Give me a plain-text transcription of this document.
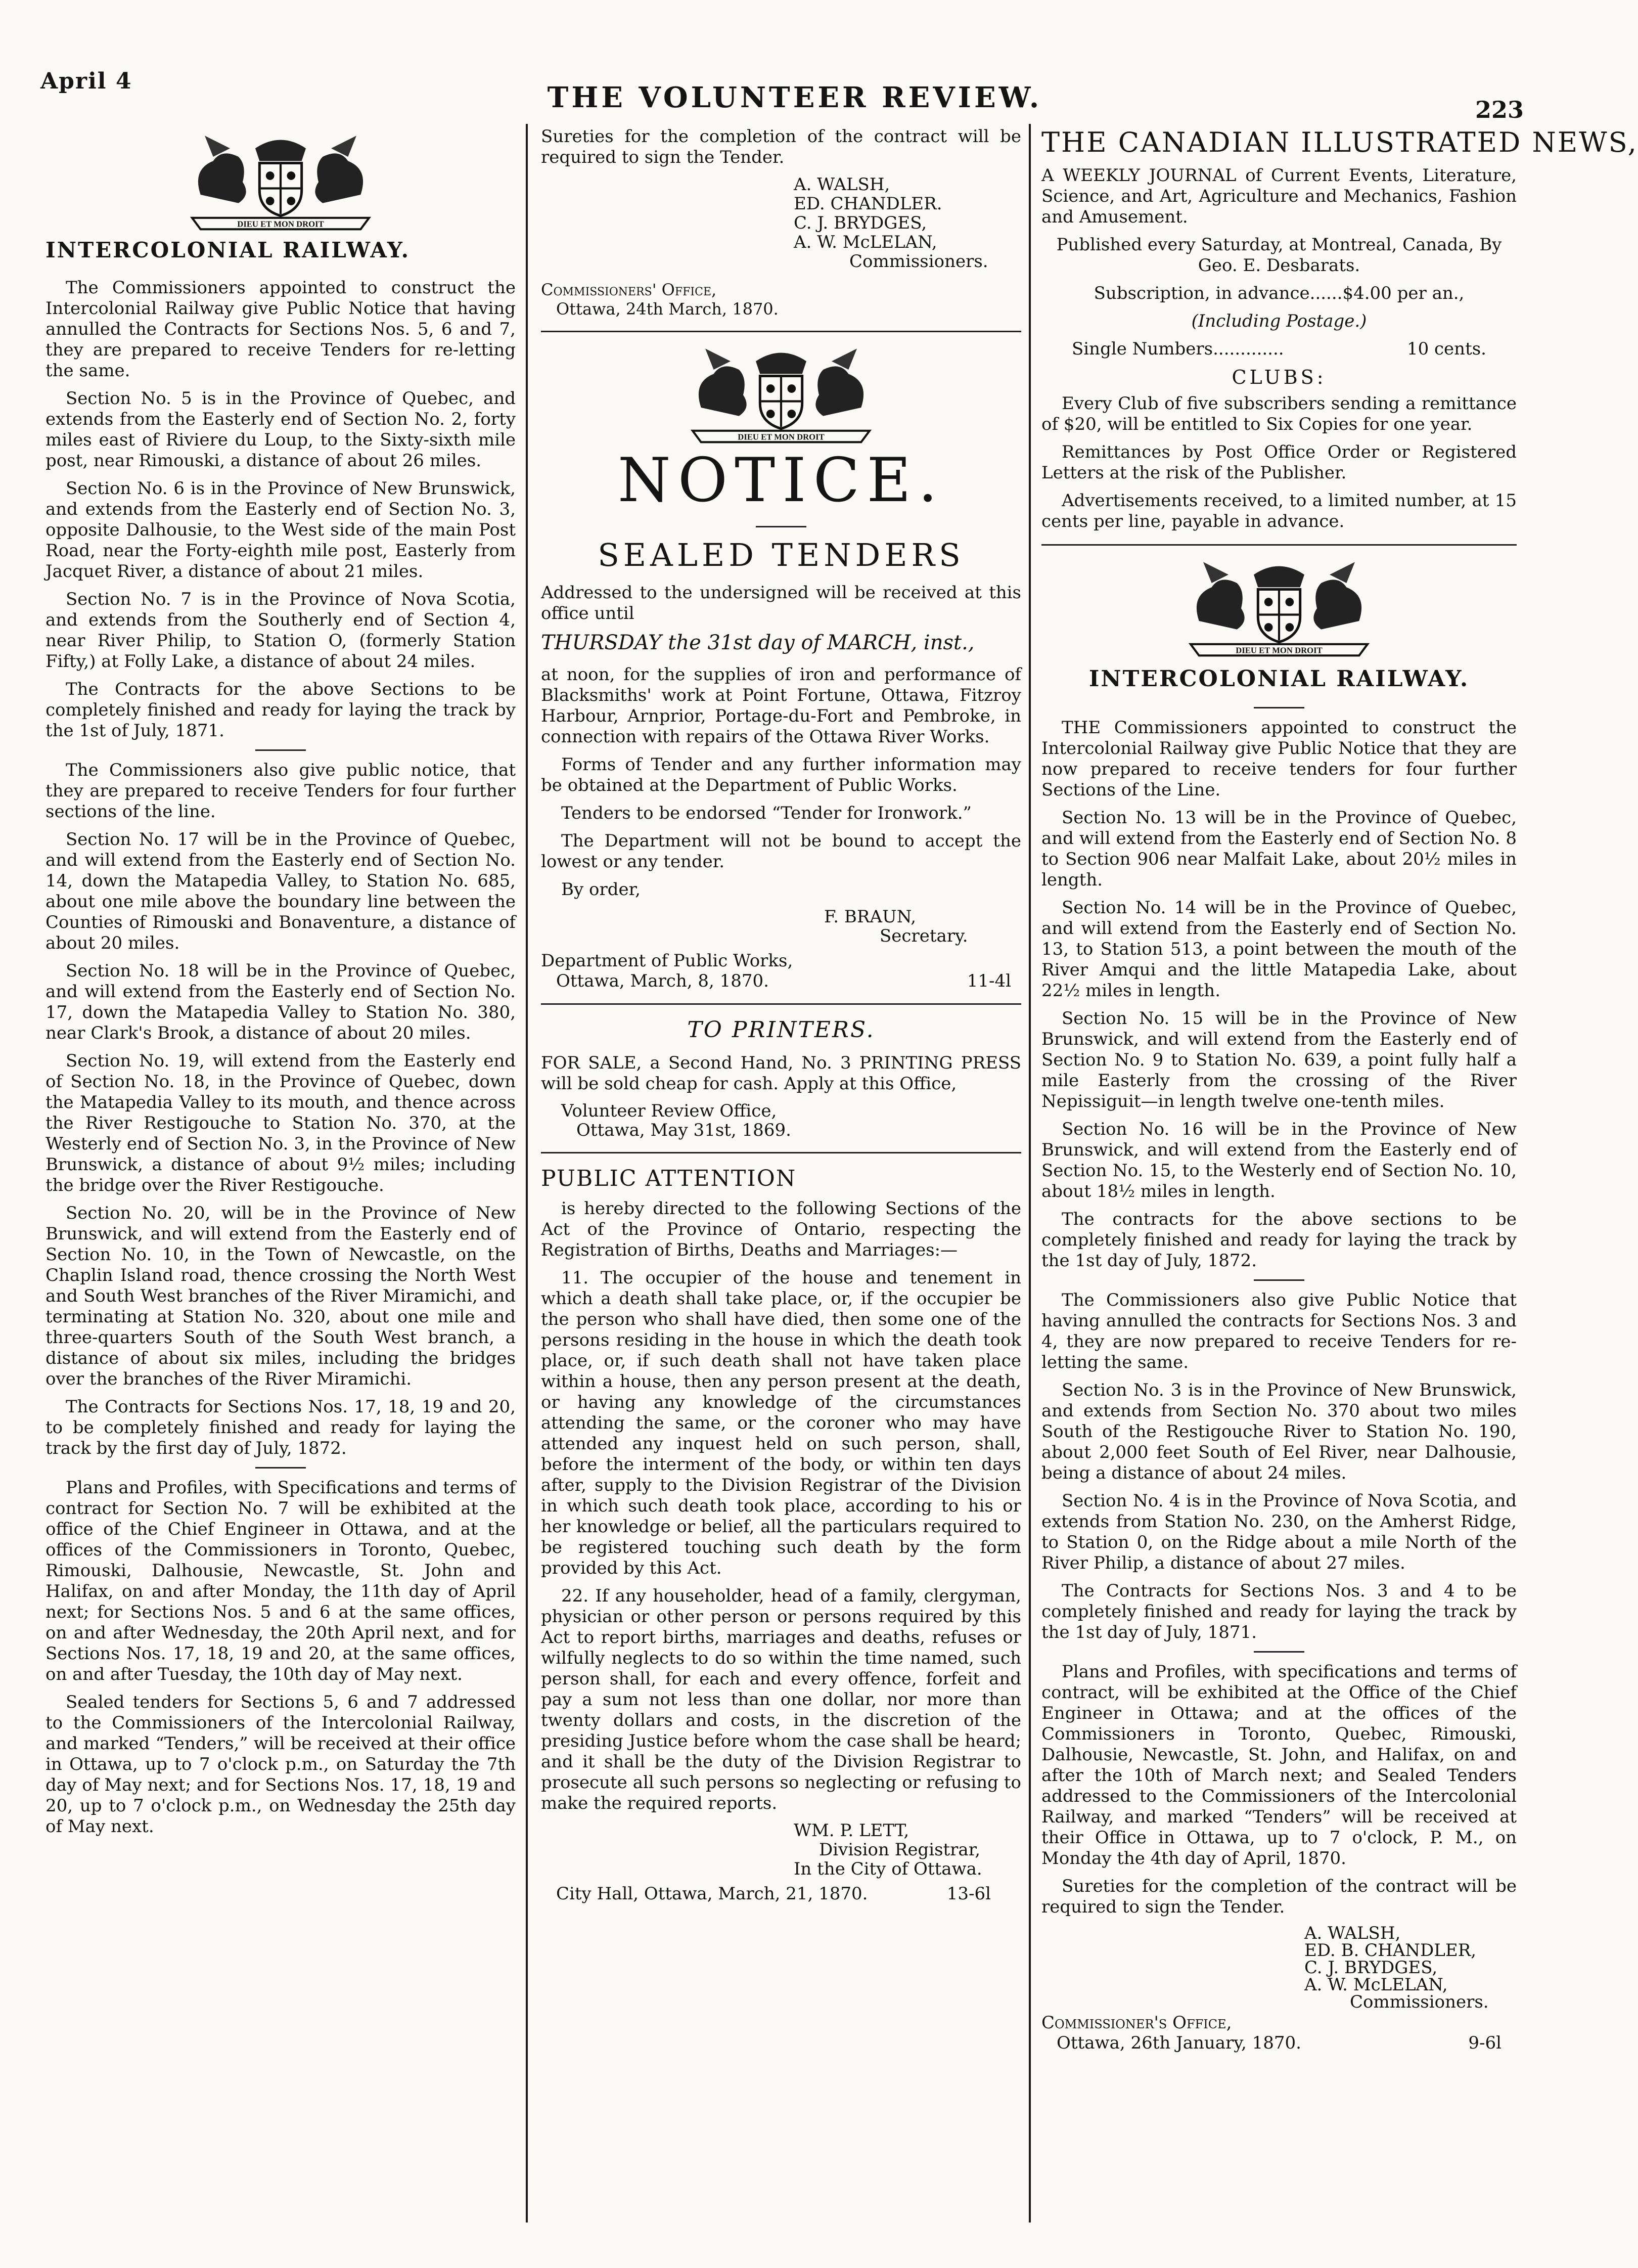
April 4	THE VOLUNTEER REVIEW.	223
INTERCOLONIAL RAILWAY.

The Commissioners appointed to construct the Intercolonial Railway give Public Notice that having annulled the Contracts for Sections Nos. 5, 6 and 7, they are prepared to receive Tenders for re-letting the same.

Section No. 5 is in the Province of Quebec, and extends from the Easterly end of Section No. 2, forty miles east of Riviere du Loup, to the Sixty-sixth mile post, near Rimouski, a distance of about 26 miles.

Section No. 6 is in the Province of New Brunswick, and extends from the Easterly end of Section No. 3, opposite Dalhousie, to the West side of the main Post Road, near the Forty-eighth mile post, Easterly from Jacquet River, a distance of about 21 miles.

Section No. 7 is in the Province of Nova Scotia, and extends from the Southerly end of Section 4, near River Philip, to Station O, (formerly Station Fifty,) at Folly Lake, a distance of about 24 miles.

The Contracts for the above Sections to be completely finished and ready for laying the track by the 1st of July, 1871.

The Commissioners also give public notice, that they are prepared to receive Tenders for four further sections of the line.

Section No. 17 will be in the Province of Quebec, and will extend from the Easterly end of Section No. 14, down the Matapedia Valley, to Station No. 685, about one mile above the boundary line between the Counties of Rimouski and Bonaventure, a distance of about 20 miles.

Section No. 18 will be in the Province of Quebec, and will extend from the Easterly end of Section No. 17, down the Matapedia Valley to Station No. 380, near Clark's Brook, a distance of about 20 miles.

Section No. 19, will extend from the Easterly end of Section No. 18, in the Province of Quebec, down the Matapedia Valley to its mouth, and thence across the River Restigouche to Station No. 370, at the Westerly end of Section No. 3, in the Province of New Brunswick, a distance of about 9½ miles; including the bridge over the River Restigouche.

Section No. 20, will be in the Province of New Brunswick, and will extend from the Easterly end of Section No. 10, in the Town of Newcastle, on the Chaplin Island road, thence crossing the North West and South West branches of the River Miramichi, and terminating at Station No. 320, about one mile and three-quarters South of the South West branch, a distance of about six miles, including the bridges over the branches of the River Miramichi.

The Contracts for Sections Nos. 17, 18, 19 and 20, to be completely finished and ready for laying the track by the first day of July, 1872.

Plans and Profiles, with Specifications and terms of contract for Section No. 7 will be exhibited at the office of the Chief Engineer in Ottawa, and at the offices of the Commissioners in Toronto, Quebec, Rimouski, Dalhousie, Newcastle, St. John and Halifax, on and after Monday, the 11th day of April next; for Sections Nos. 5 and 6 at the same offices, on and after Wednesday, the 20th April next, and for Sections Nos. 17, 18, 19 and 20, at the same offices, on and after Tuesday, the 10th day of May next.

Sealed tenders for Sections 5, 6 and 7 addressed to the Commissioners of the Intercolonial Railway, and marked “Tenders,” will be received at their office in Ottawa, up to 7 o'clock p.m., on Saturday the 7th day of May next; and for Sections Nos. 17, 18, 19 and 20, up to 7 o'clock p.m., on Wednesday the 25th day of May next.

Sureties for the completion of the contract will be required to sign the Tender.

A. WALSH,
ED. CHANDLER.
C. J. BRYDGES,
A. W. McLELAN,
Commissioners.
Commissioners' Office,
Ottawa, 24th March, 1870.
NOTICE.
SEALED TENDERS

Addressed to the undersigned will be received at this office until

THURSDAY the 31st day of MARCH, inst.,

at noon, for the supplies of iron and performance of Blacksmiths' work at Point Fortune, Ottawa, Fitzroy Harbour, Arnprior, Portage-du-Fort and Pembroke, in connection with repairs of the Ottawa River Works.

Forms of Tender and any further information may be obtained at the Department of Public Works.

Tenders to be endorsed “Tender for Ironwork.”

The Department will not be bound to accept the lowest or any tender.

By order,

F. BRAUN,
Secretary.
Department of Public Works,
Ottawa, March, 8, 1870.	11-4l
TO PRINTERS.

FOR SALE, a Second Hand, No. 3 PRINTING PRESS will be sold cheap for cash. Apply at this Office,

Volunteer Review Office,
Ottawa, May 31st, 1869.
PUBLIC ATTENTION

is hereby directed to the following Sections of the Act of the Province of Ontario, respecting the Registration of Births, Deaths and Marriages:—

11. The occupier of the house and tenement in which a death shall take place, or, if the occupier be the person who shall have died, then some one of the persons residing in the house in which the death took place, or, if such death shall not have taken place within a house, then any person present at the death, or having any knowledge of the circumstances attending the same, or the coroner who may have attended any inquest held on such person, shall, before the interment of the body, or within ten days after, supply to the Division Registrar of the Division in which such death took place, according to his or her knowledge or belief, all the particulars required to be registered touching such death by the form provided by this Act.

22. If any householder, head of a family, clergyman, physician or other person or persons required by this Act to report births, marriages and deaths, refuses or wilfully neglects to do so within the time named, such person shall, for each and every offence, forfeit and pay a sum not less than one dollar, nor more than twenty dollars and costs, in the discretion of the presiding Justice before whom the case shall be heard; and it shall be the duty of the Division Registrar to prosecute all such persons so neglecting or refusing to make the required reports.

WM. P. LETT,
Division Registrar,
In the City of Ottawa.
City Hall, Ottawa, March, 21, 1870.	13-6l
THE CANADIAN ILLUSTRATED NEWS,

A WEEKLY JOURNAL of Current Events, Literature, Science, and Art, Agriculture and Mechanics, Fashion and Amusement.

Published every Saturday, at Montreal, Canada, By Geo. E. Desbarats.

Subscription, in advance......$4.00 per an.,

(Including Postage.)

Single Numbers.............	10 cents.
CLUBS:

Every Club of five subscribers sending a remittance of $20, will be entitled to Six Copies for one year.

Remittances by Post Office Order or Registered Letters at the risk of the Publisher.

Advertisements received, to a limited number, at 15 cents per line, payable in advance.

INTERCOLONIAL RAILWAY.

THE Commissioners appointed to construct the Intercolonial Railway give Public Notice that they are now prepared to receive tenders for four further Sections of the Line.

Section No. 13 will be in the Province of Quebec, and will extend from the Easterly end of Section No. 8 to Section 906 near Malfait Lake, about 20½ miles in length.

Section No. 14 will be in the Province of Quebec, and will extend from the Easterly end of Section No. 13, to Station 513, a point between the mouth of the River Amqui and the little Matapedia Lake, about 22½ miles in length.

Section No. 15 will be in the Province of New Brunswick, and will extend from the Easterly end of Section No. 9 to Station No. 639, a point fully half a mile Easterly from the crossing of the River Nepissiguit—in length twelve one-tenth miles.

Section No. 16 will be in the Province of New Brunswick, and will extend from the Easterly end of Section No. 15, to the Westerly end of Section No. 10, about 18½ miles in length.

The contracts for the above sections to be completely finished and ready for laying the track by the 1st day of July, 1872.

The Commissioners also give Public Notice that having annulled the contracts for Sections Nos. 3 and 4, they are now prepared to receive Tenders for re-letting the same.

Section No. 3 is in the Province of New Brunswick, and extends from Section No. 370 about two miles South of the Restigouche River to Station No. 190, about 2,000 feet South of Eel River, near Dalhousie, being a distance of about 24 miles.

Section No. 4 is in the Province of Nova Scotia, and extends from Station No. 230, on the Amherst Ridge, to Station 0, on the Ridge about a mile North of the River Philip, a distance of about 27 miles.

The Contracts for Sections Nos. 3 and 4 to be completely finished and ready for laying the track by the 1st day of July, 1871.

Plans and Profiles, with specifications and terms of contract, will be exhibited at the Office of the Chief Engineer in Ottawa; and at the offices of the Commissioners in Toronto, Quebec, Rimouski, Dalhousie, Newcastle, St. John, and Halifax, on and after the 10th of March next; and Sealed Tenders addressed to the Commissioners of the Intercolonial Railway, and marked “Tenders” will be received at their Office in Ottawa, up to 7 o'clock, P. M., on Monday the 4th day of April, 1870.

Sureties for the completion of the contract will be required to sign the Tender.

A. WALSH,
ED. B. CHANDLER,
C. J. BRYDGES,
A. W. McLELAN,
Commissioners.
Commissioner's Office,
Ottawa, 26th January, 1870.	9-6l
